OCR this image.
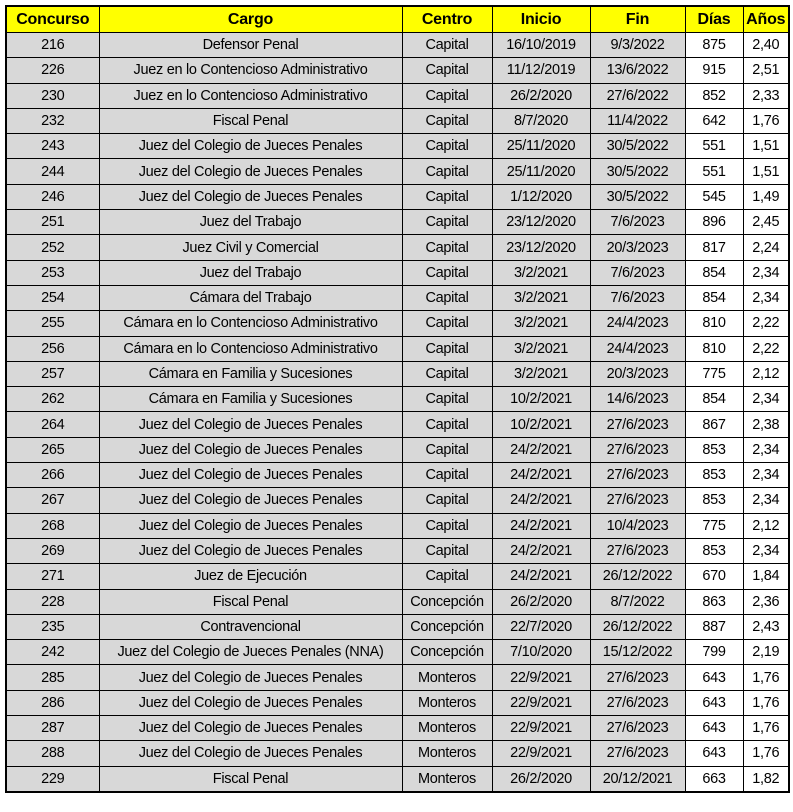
Concurso	Cargo	Centro	Inicio	Fin	Días	Años
216	Defensor Penal	Capital	16/10/2019	9/3/2022	875	2,40
226	Juez en lo Contencioso Administrativo	Capital	11/12/2019	13/6/2022	915	2,51
230	Juez en lo Contencioso Administrativo	Capital	26/2/2020	27/6/2022	852	2,33
232	Fiscal Penal	Capital	8/7/2020	11/4/2022	642	1,76
243	Juez del Colegio de Jueces Penales	Capital	25/11/2020	30/5/2022	551	1,51
244	Juez del Colegio de Jueces Penales	Capital	25/11/2020	30/5/2022	551	1,51
246	Juez del Colegio de Jueces Penales	Capital	1/12/2020	30/5/2022	545	1,49
251	Juez del Trabajo	Capital	23/12/2020	7/6/2023	896	2,45
252	Juez Civil y Comercial	Capital	23/12/2020	20/3/2023	817	2,24
253	Juez del Trabajo	Capital	3/2/2021	7/6/2023	854	2,34
254	Cámara del Trabajo	Capital	3/2/2021	7/6/2023	854	2,34
255	Cámara en lo Contencioso Administrativo	Capital	3/2/2021	24/4/2023	810	2,22
256	Cámara en lo Contencioso Administrativo	Capital	3/2/2021	24/4/2023	810	2,22
257	Cámara en Familia y Sucesiones	Capital	3/2/2021	20/3/2023	775	2,12
262	Cámara en Familia y Sucesiones	Capital	10/2/2021	14/6/2023	854	2,34
264	Juez del Colegio de Jueces Penales	Capital	10/2/2021	27/6/2023	867	2,38
265	Juez del Colegio de Jueces Penales	Capital	24/2/2021	27/6/2023	853	2,34
266	Juez del Colegio de Jueces Penales	Capital	24/2/2021	27/6/2023	853	2,34
267	Juez del Colegio de Jueces Penales	Capital	24/2/2021	27/6/2023	853	2,34
268	Juez del Colegio de Jueces Penales	Capital	24/2/2021	10/4/2023	775	2,12
269	Juez del Colegio de Jueces Penales	Capital	24/2/2021	27/6/2023	853	2,34
271	Juez de Ejecución	Capital	24/2/2021	26/12/2022	670	1,84
228	Fiscal Penal	Concepción	26/2/2020	8/7/2022	863	2,36
235	Contravencional	Concepción	22/7/2020	26/12/2022	887	2,43
242	Juez del Colegio de Jueces Penales (NNA)	Concepción	7/10/2020	15/12/2022	799	2,19
285	Juez del Colegio de Jueces Penales	Monteros	22/9/2021	27/6/2023	643	1,76
286	Juez del Colegio de Jueces Penales	Monteros	22/9/2021	27/6/2023	643	1,76
287	Juez del Colegio de Jueces Penales	Monteros	22/9/2021	27/6/2023	643	1,76
288	Juez del Colegio de Jueces Penales	Monteros	22/9/2021	27/6/2023	643	1,76
229	Fiscal Penal	Monteros	26/2/2020	20/12/2021	663	1,82
